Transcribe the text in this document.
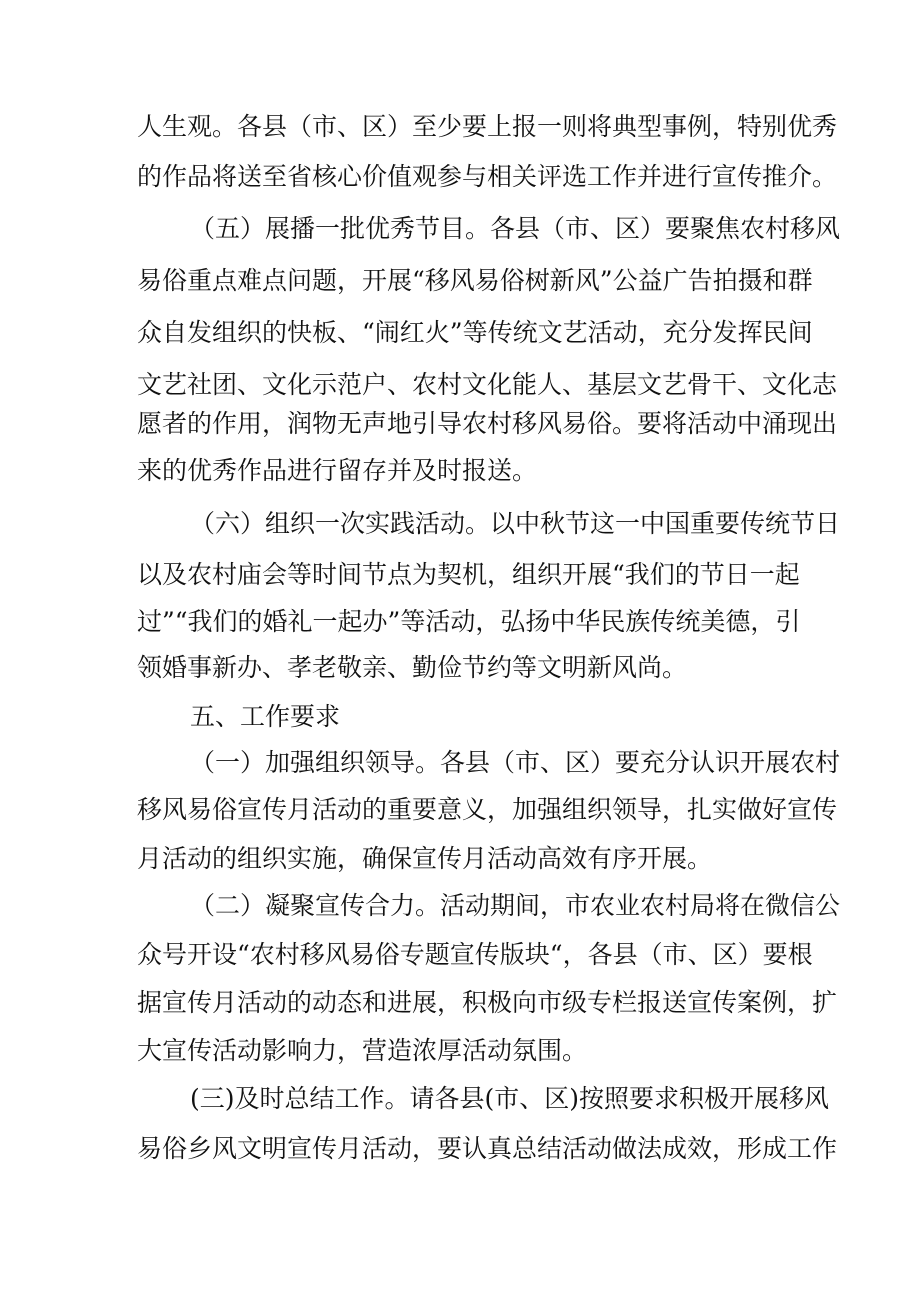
人生观。各县（市、区）至少要上报一则将典型事例，特别优秀
的作品将送至省核心价值观参与相关评选工作并进行宣传推介。
（五）展播一批优秀节目。各县（市、区）要聚焦农村移风
易俗重点难点问题，开展“移风易俗树新风”公益广告拍摄和群
众自发组织的快板、“闹红火”等传统文艺活动，充分发挥民间
文艺社团、文化示范户、农村文化能人、基层文艺骨干、文化志
愿者的作用，润物无声地引导农村移风易俗。要将活动中涌现出
来的优秀作品进行留存并及时报送。
（六）组织一次实践活动。以中秋节这一中国重要传统节日
以及农村庙会等时间节点为契机，组织开展“我们的节日一起
过”“我们的婚礼一起办”等活动，弘扬中华民族传统美德，引
领婚事新办、孝老敬亲、勤俭节约等文明新风尚。
五、工作要求
（一）加强组织领导。各县（市、区）要充分认识开展农村
移风易俗宣传月活动的重要意义，加强组织领导，扎实做好宣传
月活动的组织实施，确保宣传月活动高效有序开展。
（二）凝聚宣传合力。活动期间，市农业农村局将在微信公
众号开设“农村移风易俗专题宣传版块“，各县（市、区）要根
据宣传月活动的动态和进展，积极向市级专栏报送宣传案例，扩
大宣传活动影响力，营造浓厚活动氛围。
(三)及时总结工作。请各县(市、区)按照要求积极开展移风
易俗乡风文明宣传月活动，要认真总结活动做法成效，形成工作
